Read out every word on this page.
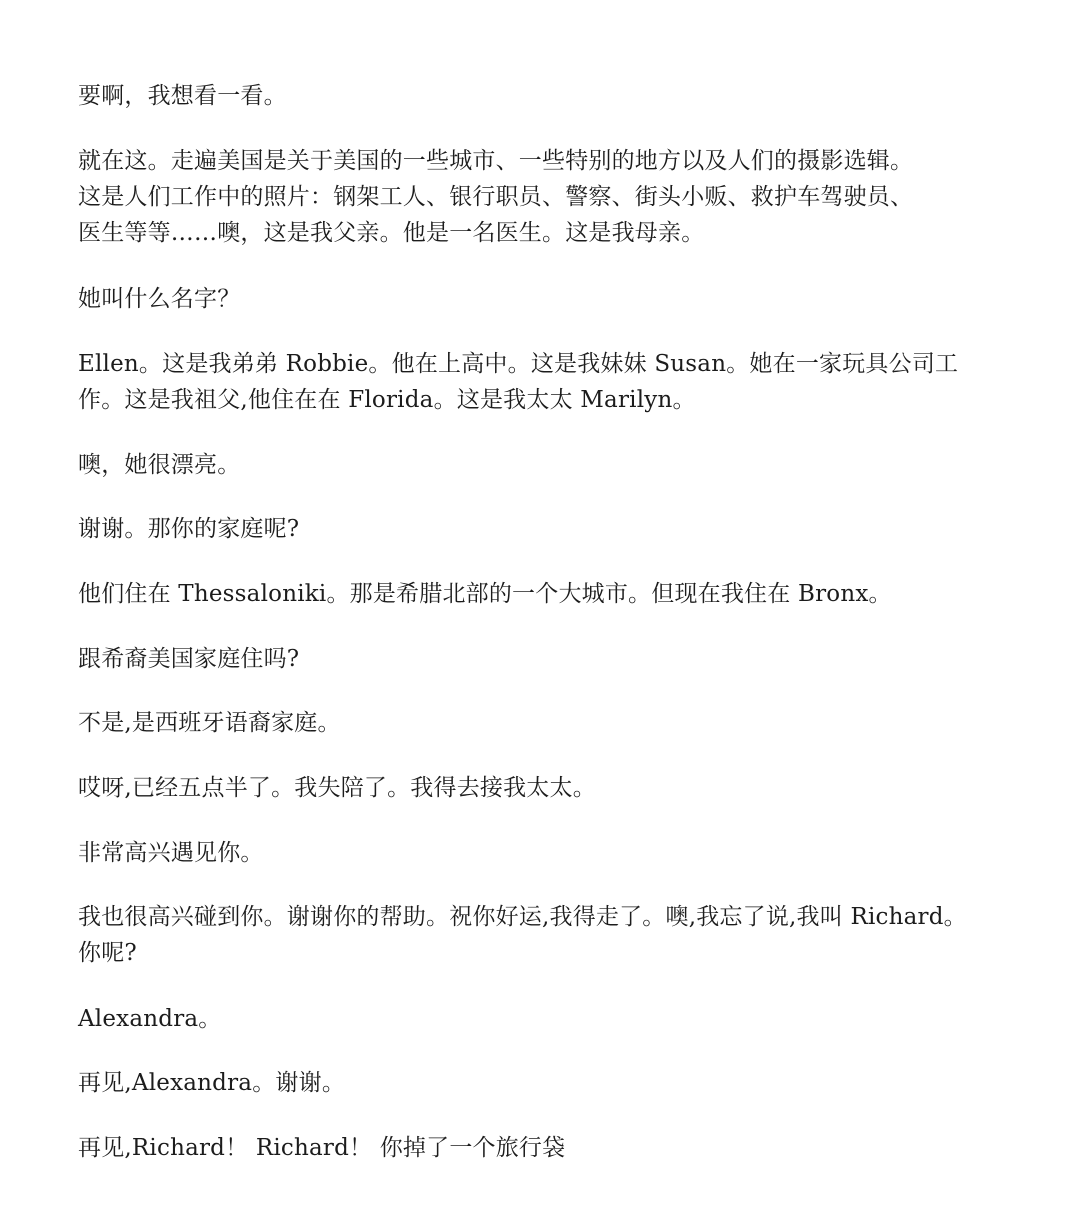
要啊，我想看一看。

就在这。走遍美国是关于美国的一些城市、一些特别的地方以及人们的摄影选辑。
这是人们工作中的照片：钢架工人、银行职员、警察、街头小贩、救护车驾驶员、
医生等等……噢，这是我父亲。他是一名医生。这是我母亲。

她叫什么名字？

Ellen。这是我弟弟 Robbie。他在上高中。这是我妹妹 Susan。她在一家玩具公司工
作。这是我祖父,他住在在 Florida。这是我太太 Marilyn。

噢，她很漂亮。

谢谢。那你的家庭呢?

他们住在 Thessaloniki。那是希腊北部的一个大城市。但现在我住在 Bronx。

跟希裔美国家庭住吗?

不是,是西班牙语裔家庭。

哎呀,已经五点半了。我失陪了。我得去接我太太。

非常高兴遇见你。

我也很高兴碰到你。谢谢你的帮助。祝你好运,我得走了。噢,我忘了说,我叫 Richard。
你呢?

Alexandra。

再见,Alexandra。谢谢。

再见,Richard！ Richard！ 你掉了一个旅行袋
